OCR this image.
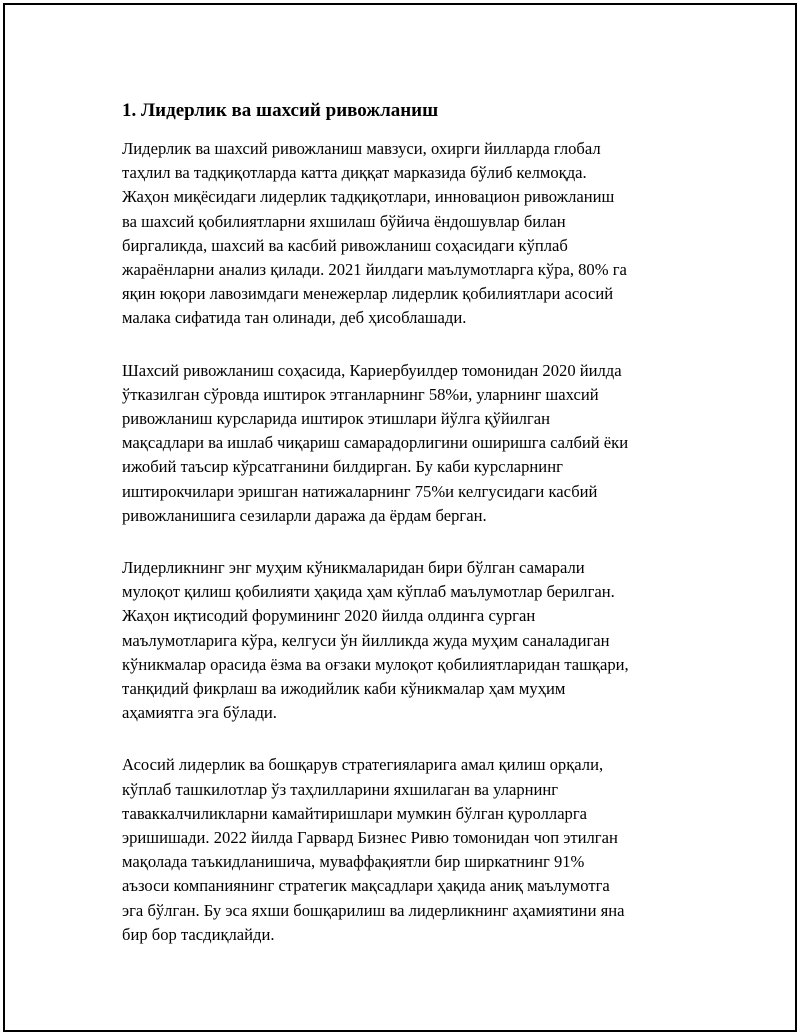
1. Лидерлик ва шахсий ривожланиш
Лидерлик ва шахсий ривожланиш мавзуси, охирги йилларда глобал
таҳлил ва тадқиқотларда катта диққат марказида бўлиб келмоқда.
Жаҳон миқёсидаги лидерлик тадқиқотлари, инновацион ривожланиш
ва шахсий қобилиятларни яхшилаш бўйича ёндошувлар билан
биргаликда, шахсий ва касбий ривожланиш соҳасидаги кўплаб
жараёнларни анализ қилади. 2021 йилдаги маълумотларга кўра, 80% га
яқин юқори лавозимдаги менежерлар лидерлик қобилиятлари асосий
малака сифатида тан олинади, деб ҳисоблашади.
Шахсий ривожланиш соҳасида, Кариербуилдер томонидан 2020 йилда
ўтказилган сўровда иштирок этганларнинг 58%и, уларнинг шахсий
ривожланиш курсларида иштирок этишлари йўлга қўйилган
мақсадлари ва ишлаб чиқариш самарадорлигини оширишга салбий ёки
ижобий таъсир кўрсатганини билдирган. Бу каби курсларнинг
иштирокчилари эришган натижаларнинг 75%и келгусидаги касбий
ривожланишига сезиларли даража да ёрдам берган.
Лидерликнинг энг муҳим кўникмаларидан бири бўлган самарали
мулоқот қилиш қобилияти ҳақида ҳам кўплаб маълумотлар берилган.
Жаҳон иқтисодий форумининг 2020 йилда олдинга сурган
маълумотларига кўра, келгуси ўн йилликда жуда муҳим саналадиган
кўникмалар орасида ёзма ва оғзаки мулоқот қобилиятларидан ташқари,
танқидий фикрлаш ва ижодийлик каби кўникмалар ҳам муҳим
аҳамиятга эга бўлади.
Асосий лидерлик ва бошқарув стратегияларига амал қилиш орқали,
кўплаб ташкилотлар ўз таҳлилларини яхшилаган ва уларнинг
таваккалчиликларни камайтиришлари мумкин бўлган қуролларга
эришишади. 2022 йилда Гарвард Бизнес Ривю томонидан чоп этилган
мақолада таъкидланишича, муваффақиятли бир ширкатнинг 91%
аъзоси компаниянинг стратегик мақсадлари ҳақида аниқ маълумотга
эга бўлган. Бу эса яхши бошқарилиш ва лидерликнинг аҳамиятини яна
бир бор тасдиқлайди.
